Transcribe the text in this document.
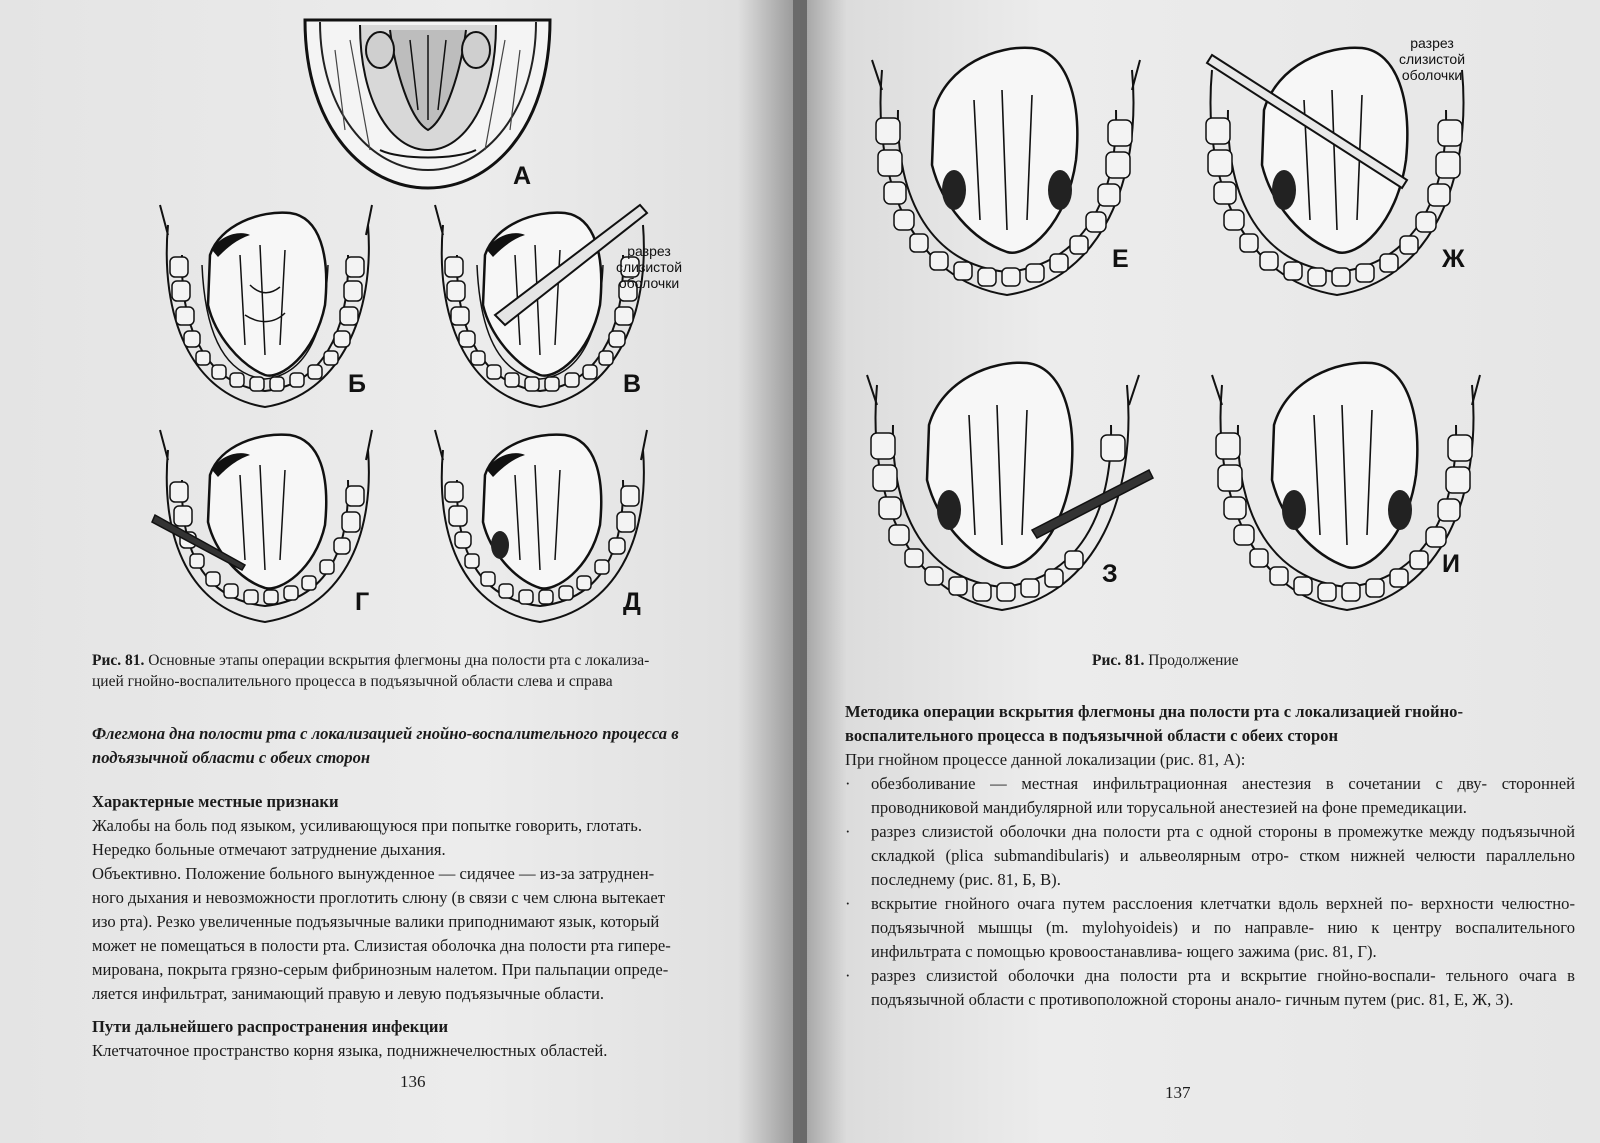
А
Б	В
разрез
слизистой
оболочки
Г	Д
Рис. 81. Основные этапы операции вскрытия флегмоны дна полости рта с локализа-
цией гнойно-воспалительного процесса в подъязычной области слева и справа
Флегмона дна полости рта с локализацией гнойно-воспалительного процесса в
подъязычной области с обеих сторон
Характерные местные признаки
Жалобы на боль под языком, усиливающуюся при попытке говорить, глотать.
Нередко больные отмечают затруднение дыхания.
Объективно. Положение больного вынужденное — сидячее — из-за затруднен-
ного дыхания и невозможности проглотить слюну (в связи с чем слюна вытекает
изо рта). Резко увеличенные подъязычные валики приподнимают язык, который
может не помещаться в полости рта. Слизистая оболочка дна полости рта гипере-
мирована, покрыта грязно-серым фибринозным налетом. При пальпации опреде-
ляется инфильтрат, занимающий правую и левую подъязычные области.
Пути дальнейшего распространения инфекции
Клетчаточное пространство корня языка, поднижнечелюстных областей.
136
Е	Ж
разрез
слизистой
оболочки
З	И
Рис. 81. Продолжение
Методика операции вскрытия флегмоны дна полости рта с локализацией гнойно-
воспалительного процесса в подъязычной области с обеих сторон
При гнойном процессе данной локализации (рис. 81, А):
· обезболивание — местная инфильтрационная анестезия в сочетании с дву- сторонней проводниковой мандибулярной или торусальной анестезией на фоне премедикации.
· разрез слизистой оболочки дна полости рта с одной стороны в промежутке между подъязычной складкой (plica submandibularis) и альвеолярным отро- стком нижней челюсти параллельно последнему (рис. 81, Б, В).
· вскрытие гнойного очага путем расслоения клетчатки вдоль верхней по- верхности челюстно-подъязычной мышцы (m. mylohyoideis) и по направле- нию к центру воспалительного инфильтрата с помощью кровоостанавлива- ющего зажима (рис. 81, Г).
· разрез слизистой оболочки дна полости рта и вскрытие гнойно-воспали- тельного очага в подъязычной области с противоположной стороны анало- гичным путем (рис. 81, Е, Ж, З).
137
